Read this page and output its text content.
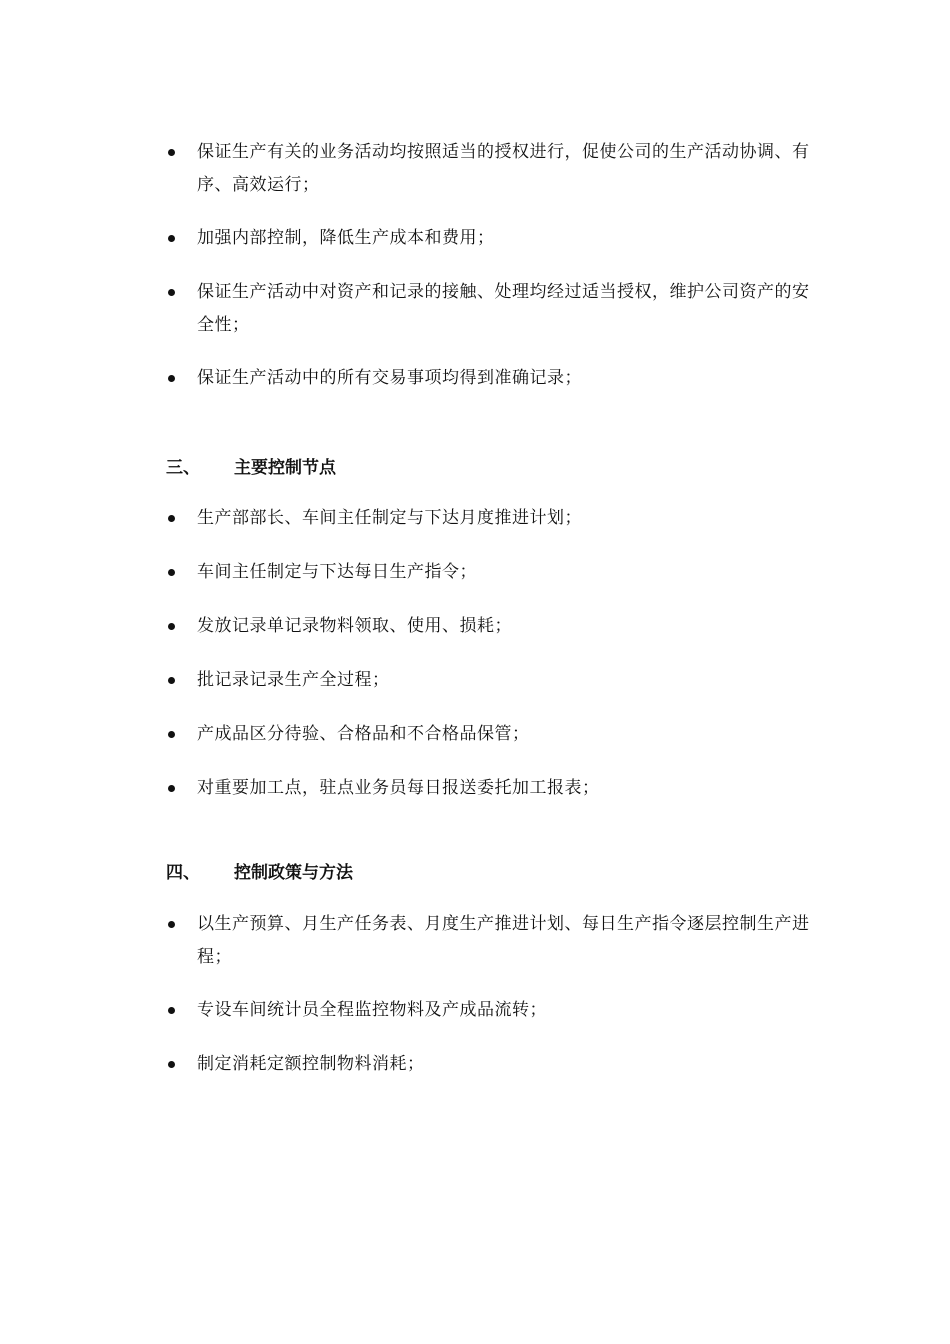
保证生产有关的业务活动均按照适当的授权进行，促使公司的生产活动协调、有序、高效运行；
加强内部控制，降低生产成本和费用；
保证生产活动中对资产和记录的接触、处理均经过适当授权，维护公司资产的安全性；
保证生产活动中的所有交易事项均得到准确记录；
三、 主要控制节点
生产部部长、车间主任制定与下达月度推进计划；
车间主任制定与下达每日生产指令；
发放记录单记录物料领取、使用、损耗；
批记录记录生产全过程；
产成品区分待验、合格品和不合格品保管；
对重要加工点，驻点业务员每日报送委托加工报表；
四、 控制政策与方法
以生产预算、月生产任务表、月度生产推进计划、每日生产指令逐层控制生产进程；
专设车间统计员全程监控物料及产成品流转；
制定消耗定额控制物料消耗；
